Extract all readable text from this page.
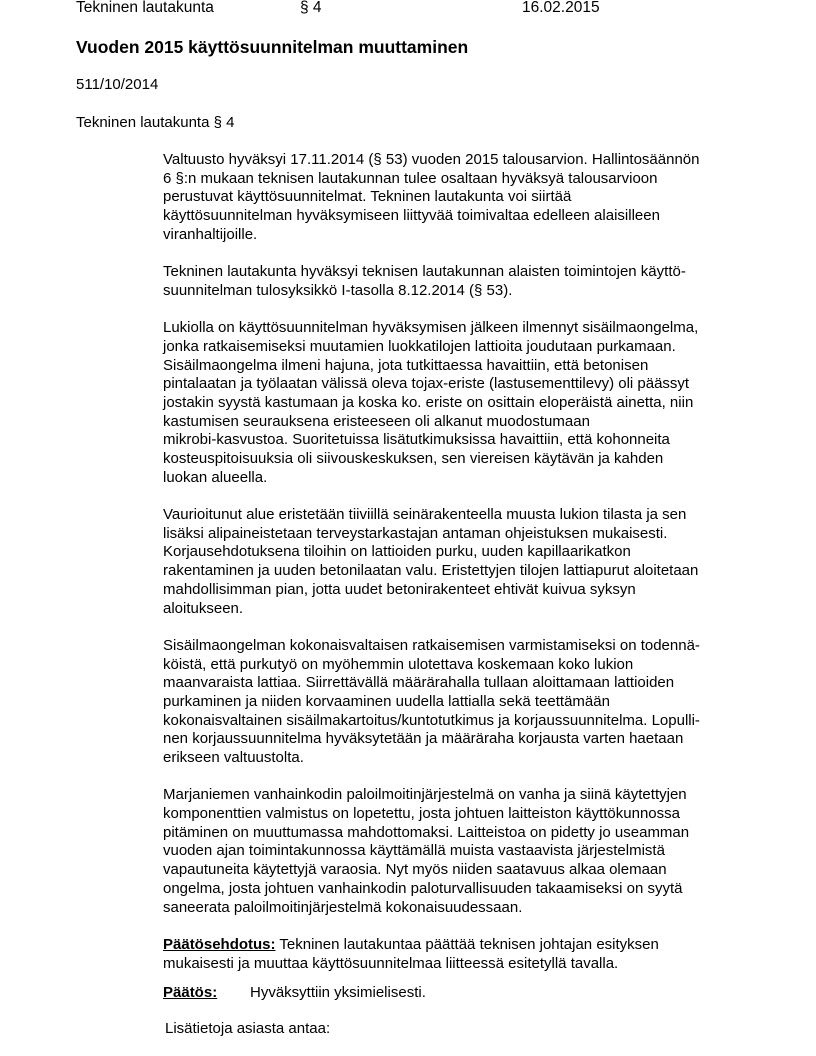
Tekninen lautakunta	§ 4	16.02.2015
Vuoden 2015 käyttösuunnitelman muuttaminen
511/10/2014
Tekninen lautakunta § 4
Valtuusto hyväksyi 17.11.2014 (§ 53) vuoden 2015 talousarvion. Hallintosäännön
6 §:n mukaan teknisen lautakunnan tulee osaltaan hyväksyä talousarvioon
perustuvat käyttösuunnitelmat. Tekninen lautakunta voi siirtää
käyttösuunnitelman hyväksymiseen liittyvää toimivaltaa edelleen alaisilleen
viranhaltijoille.
Tekninen lautakunta hyväksyi teknisen lautakunnan alaisten toimintojen käyttö-
suunnitelman tulosyksikkö I-tasolla 8.12.2014 (§ 53).
Lukiolla on käyttösuunnitelman hyväksymisen jälkeen ilmennyt sisäilmaongelma,
jonka ratkaisemiseksi muutamien luokkatilojen lattioita joudutaan purkamaan.
Sisäilmaongelma ilmeni hajuna, jota tutkittaessa havaittiin, että betonisen
pintalaatan ja työlaatan välissä oleva tojax-eriste (lastusementtilevy) oli päässyt
jostakin syystä kastumaan ja koska ko. eriste on osittain eloperäistä ainetta, niin
kastumisen seurauksena eristeeseen oli alkanut muodostumaan
mikrobi-kasvustoa. Suoritetuissa lisätutkimuksissa havaittiin, että kohonneita
kosteuspitoisuuksia oli siivouskeskuksen, sen viereisen käytävän ja kahden
luokan alueella.
Vaurioitunut alue eristetään tiiviillä seinärakenteella muusta lukion tilasta ja sen
lisäksi alipaineistetaan terveystarkastajan antaman ohjeistuksen mukaisesti.
Korjausehdotuksena tiloihin on lattioiden purku, uuden kapillaarikatkon
rakentaminen ja uuden betonilaatan valu. Eristettyjen tilojen lattiapurut aloitetaan
mahdollisimman pian, jotta uudet betonirakenteet ehtivät kuivua syksyn
aloitukseen.
Sisäilmaongelman kokonaisvaltaisen ratkaisemisen varmistamiseksi on todennä-
köistä, että purkutyö on myöhemmin ulotettava koskemaan koko lukion
maanvaraista lattiaa. Siirrettävällä määrärahalla tullaan aloittamaan lattioiden
purkaminen ja niiden korvaaminen uudella lattialla sekä teettämään
kokonaisvaltainen sisäilmakartoitus/kuntotutkimus ja korjaussuunnitelma. Lopulli-
nen korjaussuunnitelma hyväksytetään ja määräraha korjausta varten haetaan
erikseen valtuustolta.
Marjaniemen vanhainkodin paloilmoitinjärjestelmä on vanha ja siinä käytettyjen
komponenttien valmistus on lopetettu, josta johtuen laitteiston käyttökunnossa
pitäminen on muuttumassa mahdottomaksi. Laitteistoa on pidetty jo useamman
vuoden ajan toimintakunnossa käyttämällä muista vastaavista järjestelmistä
vapautuneita käytettyjä varaosia. Nyt myös niiden saatavuus alkaa olemaan
ongelma, josta johtuen vanhainkodin paloturvallisuuden takaamiseksi on syytä
saneerata paloilmoitinjärjestelmä kokonaisuudessaan.
Päätösehdotus: Tekninen lautakuntaa päättää teknisen johtajan esityksen
mukaisesti ja muuttaa käyttösuunnitelmaa liitteessä esitetyllä tavalla.
Päätös: Hyväksyttiin yksimielisesti.
Lisätietoja asiasta antaa:
